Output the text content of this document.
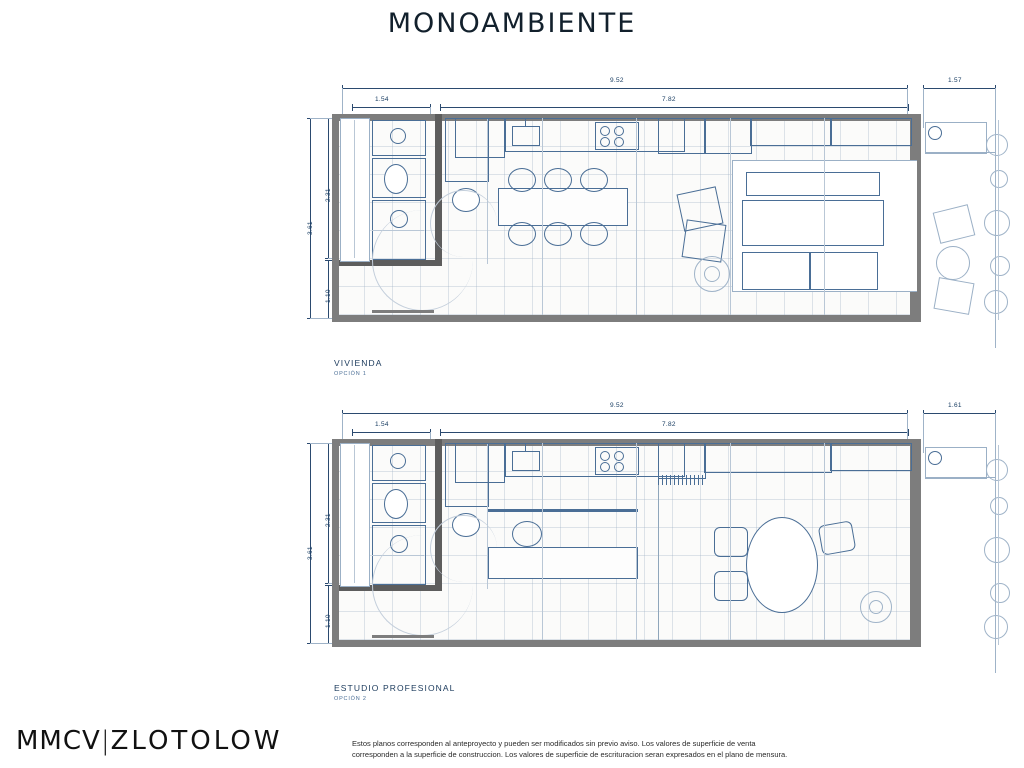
MONOAMBIENTE
9.52
1.54	7.82
1.57
3.61
2.31
1.10
VIVIENDA
OPCIÓN 1
9.52
1.54	7.82
1.61
3.61
2.31
1.10
ESTUDIO PROFESIONAL
OPCIÓN 2
MMCV|ZLOTOLOW	Estos planos corresponden al anteproyecto y pueden ser modificados sin previo aviso. Los valores de superficie de venta
corresponden a la superficie de construccion. Los valores de superficie de escrituracion seran expresados en el plano de mensura.
